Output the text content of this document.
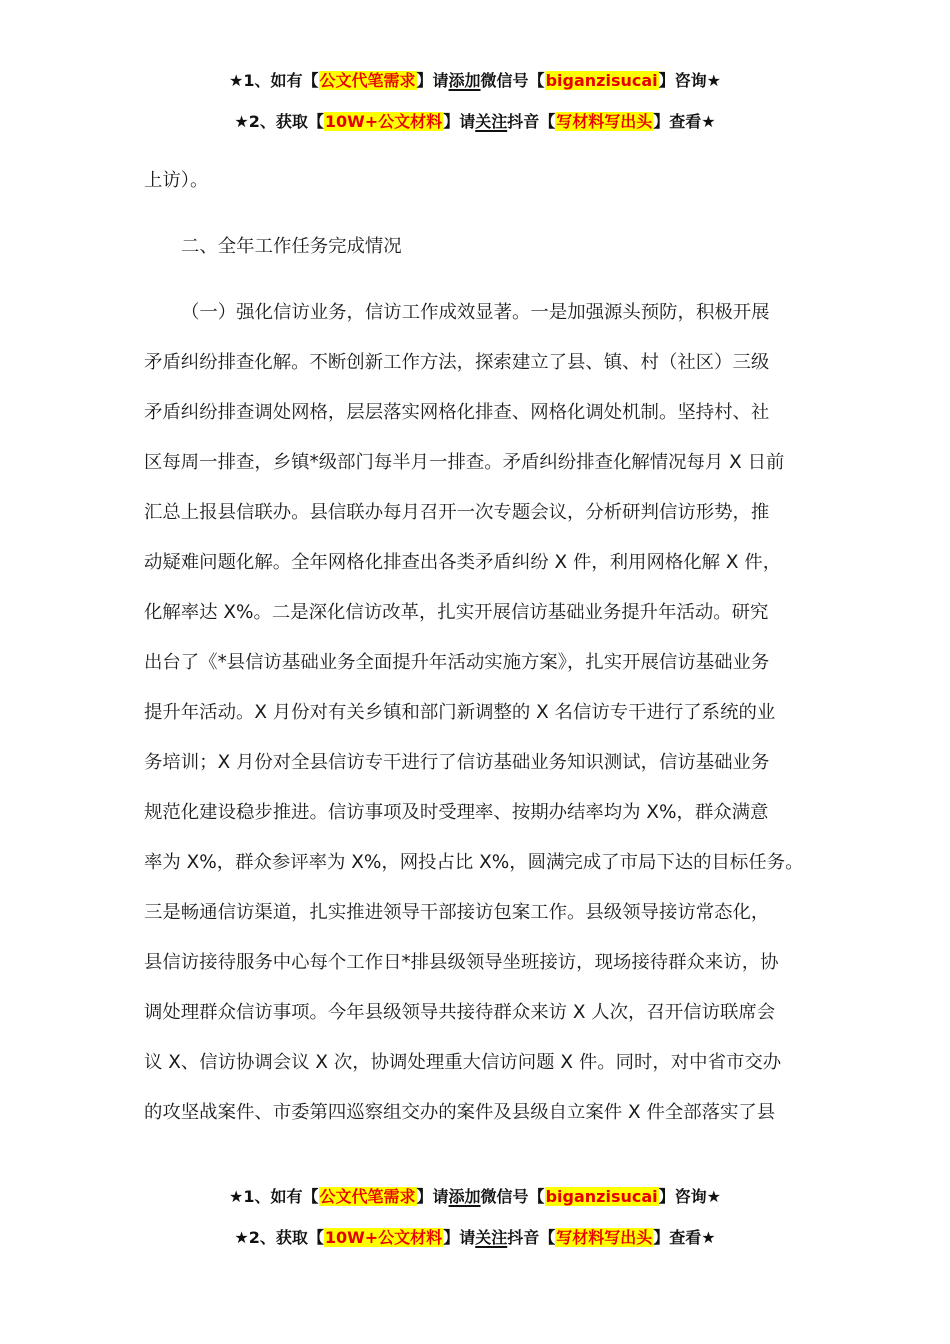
★1、如有【公文代笔需求】请添加微信号【biganzisucai】咨询★
★2、获取【10W+公文材料】请关注抖音【写材料写出头】查看★
上访）。
二、全年工作任务完成情况
（一）强化信访业务，信访工作成效显著。一是加强源头预防，积极开展
矛盾纠纷排查化解。不断创新工作方法，探索建立了县、镇、村（社区）三级
矛盾纠纷排查调处网格，层层落实网格化排查、网格化调处机制。坚持村、社
区每周一排查，乡镇*级部门每半月一排查。矛盾纠纷排查化解情况每月 X 日前
汇总上报县信联办。县信联办每月召开一次专题会议，分析研判信访形势，推
动疑难问题化解。全年网格化排查出各类矛盾纠纷 X 件，利用网格化解 X 件，
化解率达 X%。二是深化信访改革，扎实开展信访基础业务提升年活动。研究
出台了《*县信访基础业务全面提升年活动实施方案》，扎实开展信访基础业务
提升年活动。X 月份对有关乡镇和部门新调整的 X 名信访专干进行了系统的业
务培训；X 月份对全县信访专干进行了信访基础业务知识测试，信访基础业务
规范化建设稳步推进。信访事项及时受理率、按期办结率均为 X%，群众满意
率为 X%，群众参评率为 X%，网投占比 X%，圆满完成了市局下达的目标任务。
三是畅通信访渠道，扎实推进领导干部接访包案工作。县级领导接访常态化，
县信访接待服务中心每个工作日*排县级领导坐班接访，现场接待群众来访，协
调处理群众信访事项。今年县级领导共接待群众来访 X 人次，召开信访联席会
议 X、信访协调会议 X 次，协调处理重大信访问题 X 件。同时，对中省市交办
的攻坚战案件、市委第四巡察组交办的案件及县级自立案件 X 件全部落实了县
★1、如有【公文代笔需求】请添加微信号【biganzisucai】咨询★
★2、获取【10W+公文材料】请关注抖音【写材料写出头】查看★
